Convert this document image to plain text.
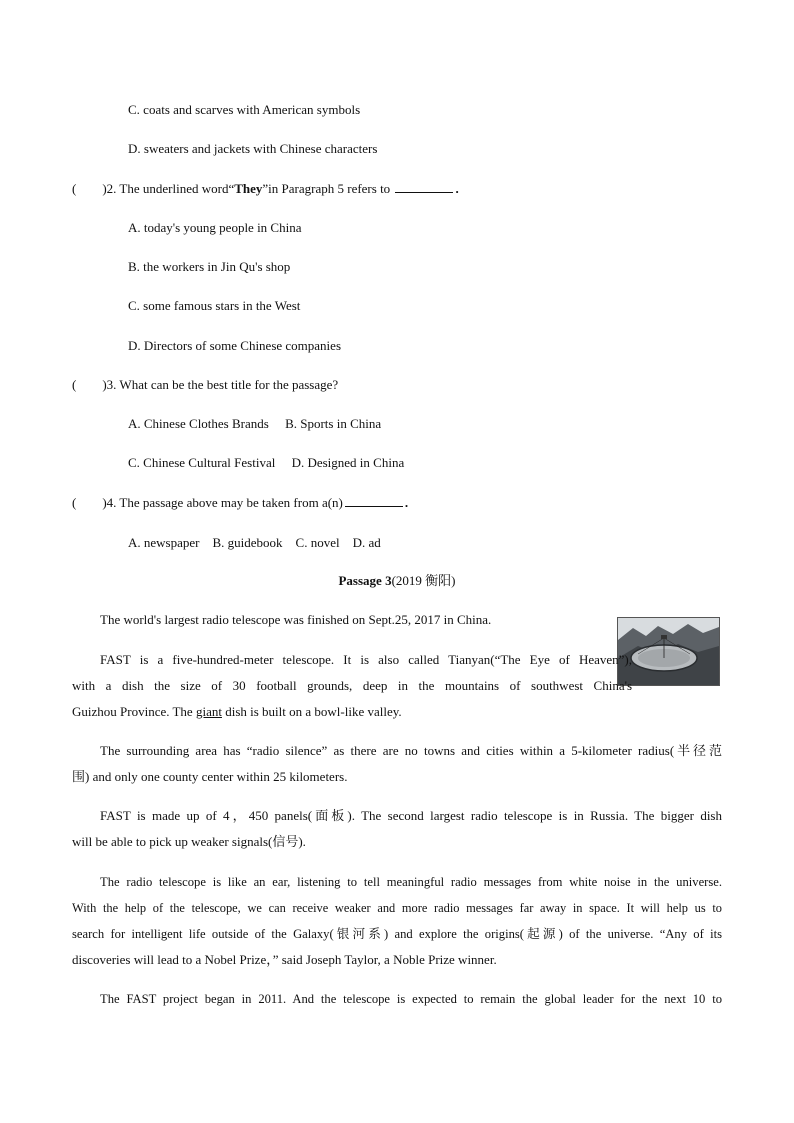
C. coats and scarves with American symbols
D. sweaters and jackets with Chinese characters
(        )2. The underlined word“They”in Paragraph 5 refers to	.
A. today's young people in China
B. the workers in Jin Qu's shop
C. some famous stars in the West
D. Directors of some Chinese companies
(        )3. What can be the best title for the passage?
A. Chinese Clothes Brands     B. Sports in China
C. Chinese Cultural Festival     D. Designed in China
(        )4. The passage above may be taken from a(n)	.
A. newspaper    B. guidebook    C. novel    D. ad
Passage 3(2019 衡阳)
The world's largest radio telescope was finished on Sept.25, 2017 in China.
FAST is a five-hundred-meter telescope. It is also called Tianyan(“The Eye of Heaven”),
with a dish the size of 30 football grounds, deep in the mountains of southwest China's
Guizhou Province. The giant dish is built on a bowl-like valley.
The surrounding area has “radio silence” as there are no towns and cities within a 5-kilometer radius(半径范
围) and only one county center within 25 kilometers.
FAST is made up of 4，450 panels(面板). The second largest radio telescope is in Russia. The bigger dish
will be able to pick up weaker signals(信号).
The radio telescope is like an ear, listening to tell meaningful radio messages from white noise in the universe.
With the help of the telescope, we can receive weaker and more radio messages far away in space. It will help us to
search for intelligent life outside of the Galaxy(银河系) and explore the origins(起源) of the universe. “Any of its
discoveries will lead to a Nobel Prize，” said Joseph Taylor, a Noble Prize winner.
The FAST project began in 2011. And the telescope is expected to remain the global leader for the next 10 to
